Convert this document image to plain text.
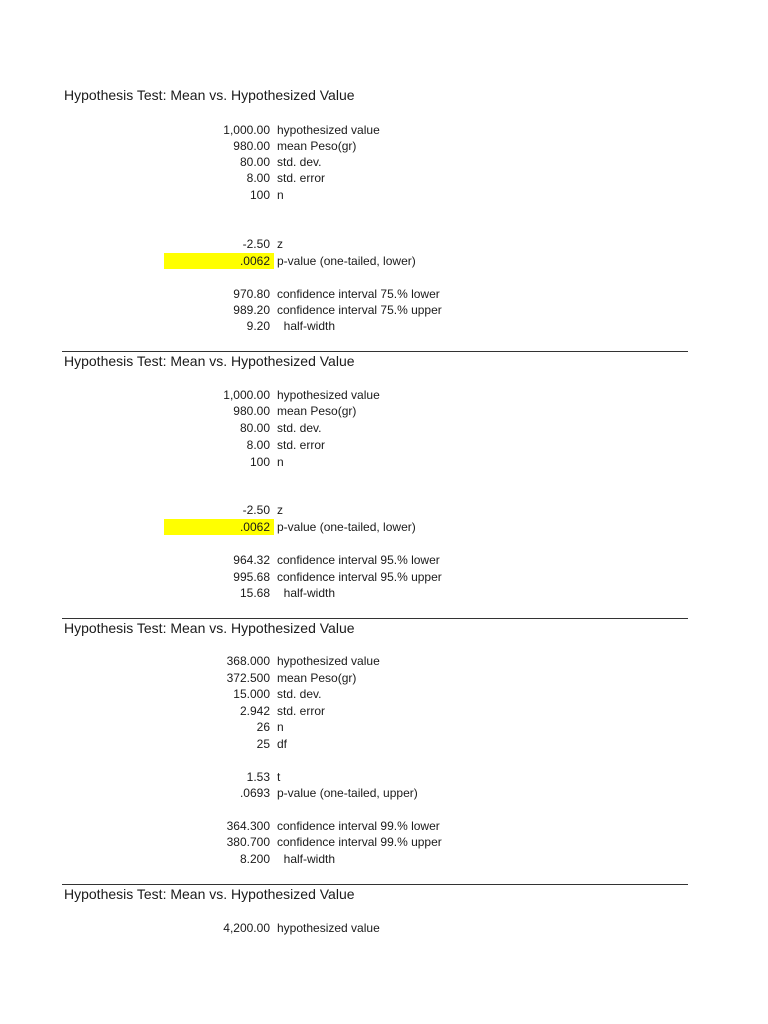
Hypothesis Test: Mean vs. Hypothesized Value
1,000.00 hypothesized value
980.00 mean Peso(gr)
80.00 std. dev.
8.00 std. error
100 n
-2.50 z
.0062 p-value (one-tailed, lower)
970.80 confidence interval 75.% lower
989.20 confidence interval 75.% upper
9.20 half-width
Hypothesis Test: Mean vs. Hypothesized Value
1,000.00 hypothesized value
980.00 mean Peso(gr)
80.00 std. dev.
8.00 std. error
100 n
-2.50 z
.0062 p-value (one-tailed, lower)
964.32 confidence interval 95.% lower
995.68 confidence interval 95.% upper
15.68 half-width
Hypothesis Test: Mean vs. Hypothesized Value
368.000 hypothesized value
372.500 mean Peso(gr)
15.000 std. dev.
2.942 std. error
26 n
25 df
1.53 t
.0693 p-value (one-tailed, upper)
364.300 confidence interval 99.% lower
380.700 confidence interval 99.% upper
8.200 half-width
Hypothesis Test: Mean vs. Hypothesized Value
4,200.00 hypothesized value
